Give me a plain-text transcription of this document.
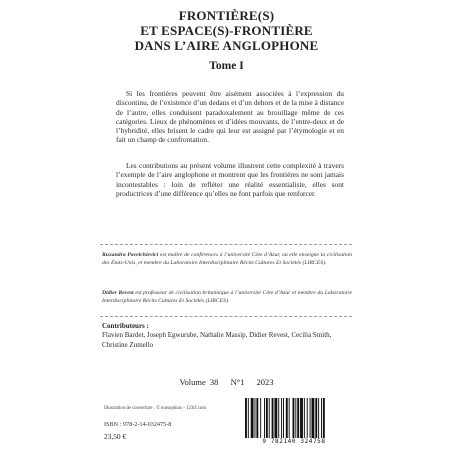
FRONTIÈRE(S)
ET ESPACE(S)-FRONTIÈRE
DANS L’AIRE ANGLOPHONE
Tome I

Si les frontières peuvent être aisément associées à l’expression du discontinu, de l’existence d’un dedans et d’un dehors et de la mise à distance de l’autre, elles conduisent paradoxalement au brouillage même de ces catégories. Lieux de phénomènes et d’idées mouvants, de l’entre-deux et de l’hybridité, elles brisent le cadre qui leur est assigné par l’étymologie et en fait un champ de confrontation.

Les contributions au présent volume illustrent cette complexité à travers l’exemple de l’aire anglophone et montrent que les frontières ne sont jamais incontestables : loin de refléter une réalité essentialiste, elles sont productrices d’une différence qu’elles ne font parfois que renforcer.

Ruxandra Pavelchievici est maître de conférences à l’université Côte d’Azur, où elle enseigne la civilisation des États-Unis, et membre du Laboratoire Interdisciplinaire Récits Cultures Et Sociétés (LIRCES).
Didier Revest est professeur de civilisation britannique à l’université Côte d’Azur et membre du Laboratoire Interdisciplinaire Récits Cultures Et Sociétés (LIRCES).
Contributeurs :
Flavien Bardet, Joseph Egwurube, Nathalie Massip, Didier Revest, Cecilia Smith,
Christine Zumello
Volume 38 N°1 2023
Illustration de couverture : © notsophiax - 123rf.com
ISBN : 978-2-14-032475-8
23,50 €
9 782140 324758
